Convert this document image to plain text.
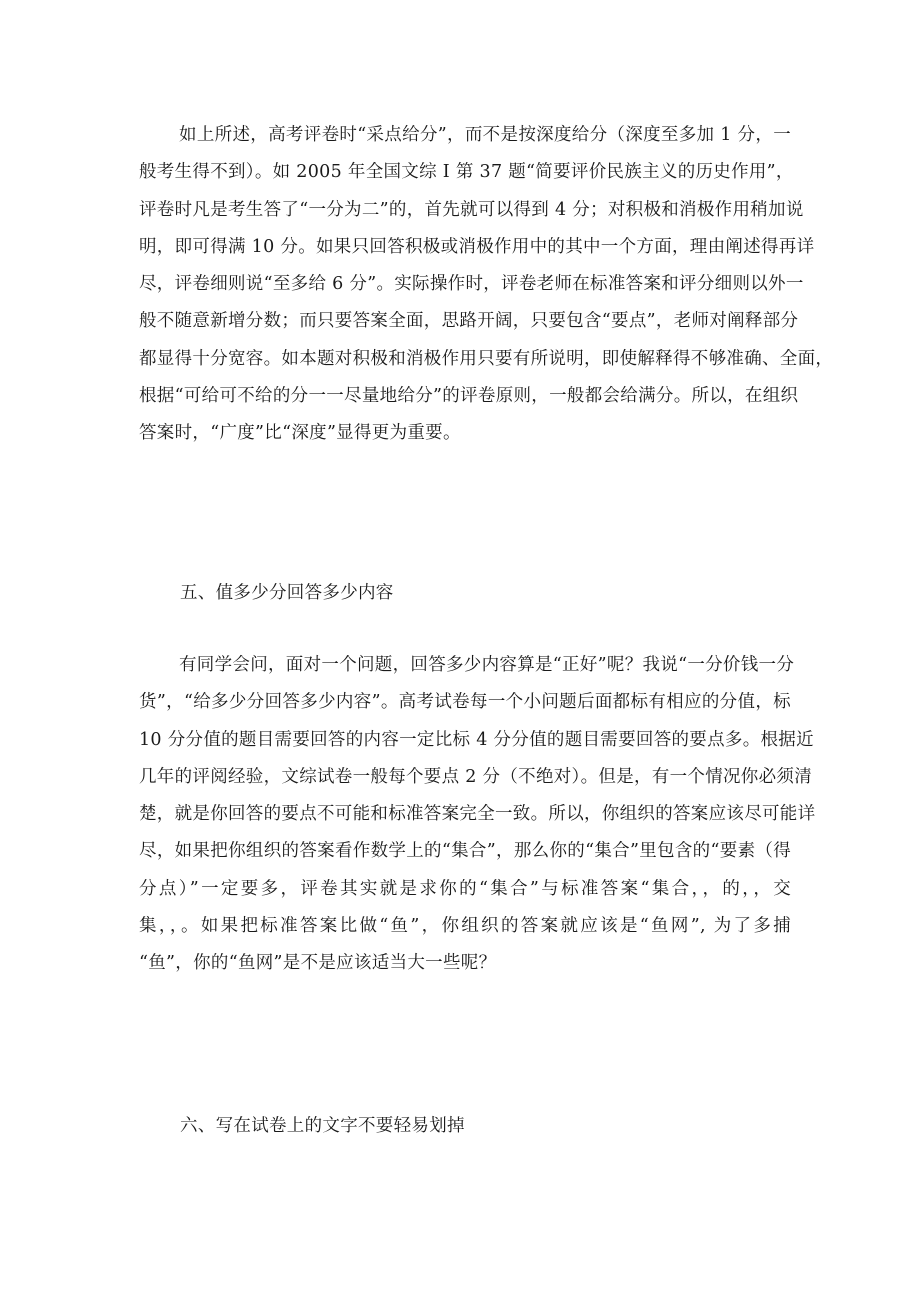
如上所述，高考评卷时“采点给分”，而不是按深度给分（深度至多加 1 分，一
般考生得不到）。如 2005 年全国文综 I 第 37 题“简要评价民族主义的历史作用”，
评卷时凡是考生答了“一分为二”的，首先就可以得到 4 分；对积极和消极作用稍加说
明，即可得满 10 分。如果只回答积极或消极作用中的其中一个方面，理由阐述得再详
尽，评卷细则说“至多给 6 分”。实际操作时，评卷老师在标准答案和评分细则以外一
般不随意新增分数；而只要答案全面，思路开阔，只要包含“要点”，老师对阐释部分
都显得十分宽容。如本题对积极和消极作用只要有所说明，即使解释得不够准确、全面，
根据“可给可不给的分一一尽量地给分”的评卷原则，一般都会给满分。所以，在组织
答案时，“广度”比“深度”显得更为重要。
五、值多少分回答多少内容
有同学会问，面对一个问题，回答多少内容算是“正好”呢？我说“一分价钱一分
货”，“给多少分回答多少内容”。高考试卷每一个小问题后面都标有相应的分值，标
10 分分值的题目需要回答的内容一定比标 4 分分值的题目需要回答的要点多。根据近
几年的评阅经验，文综试卷一般每个要点 2 分（不绝对）。但是，有一个情况你必须清
楚，就是你回答的要点不可能和标准答案完全一致。所以，你组织的答案应该尽可能详
尽，如果把你组织的答案看作数学上的“集合”，那么你的“集合”里包含的“要素（得
分点）”一定要多，评卷其实就是求你的“集合”与标准答案“集合，，的，，交
集，，。如果把标准答案比做“鱼”，你组织的答案就应该是“鱼网”, 为了多捕
“鱼”，你的“鱼网”是不是应该适当大一些呢？
六、写在试卷上的文字不要轻易划掉
